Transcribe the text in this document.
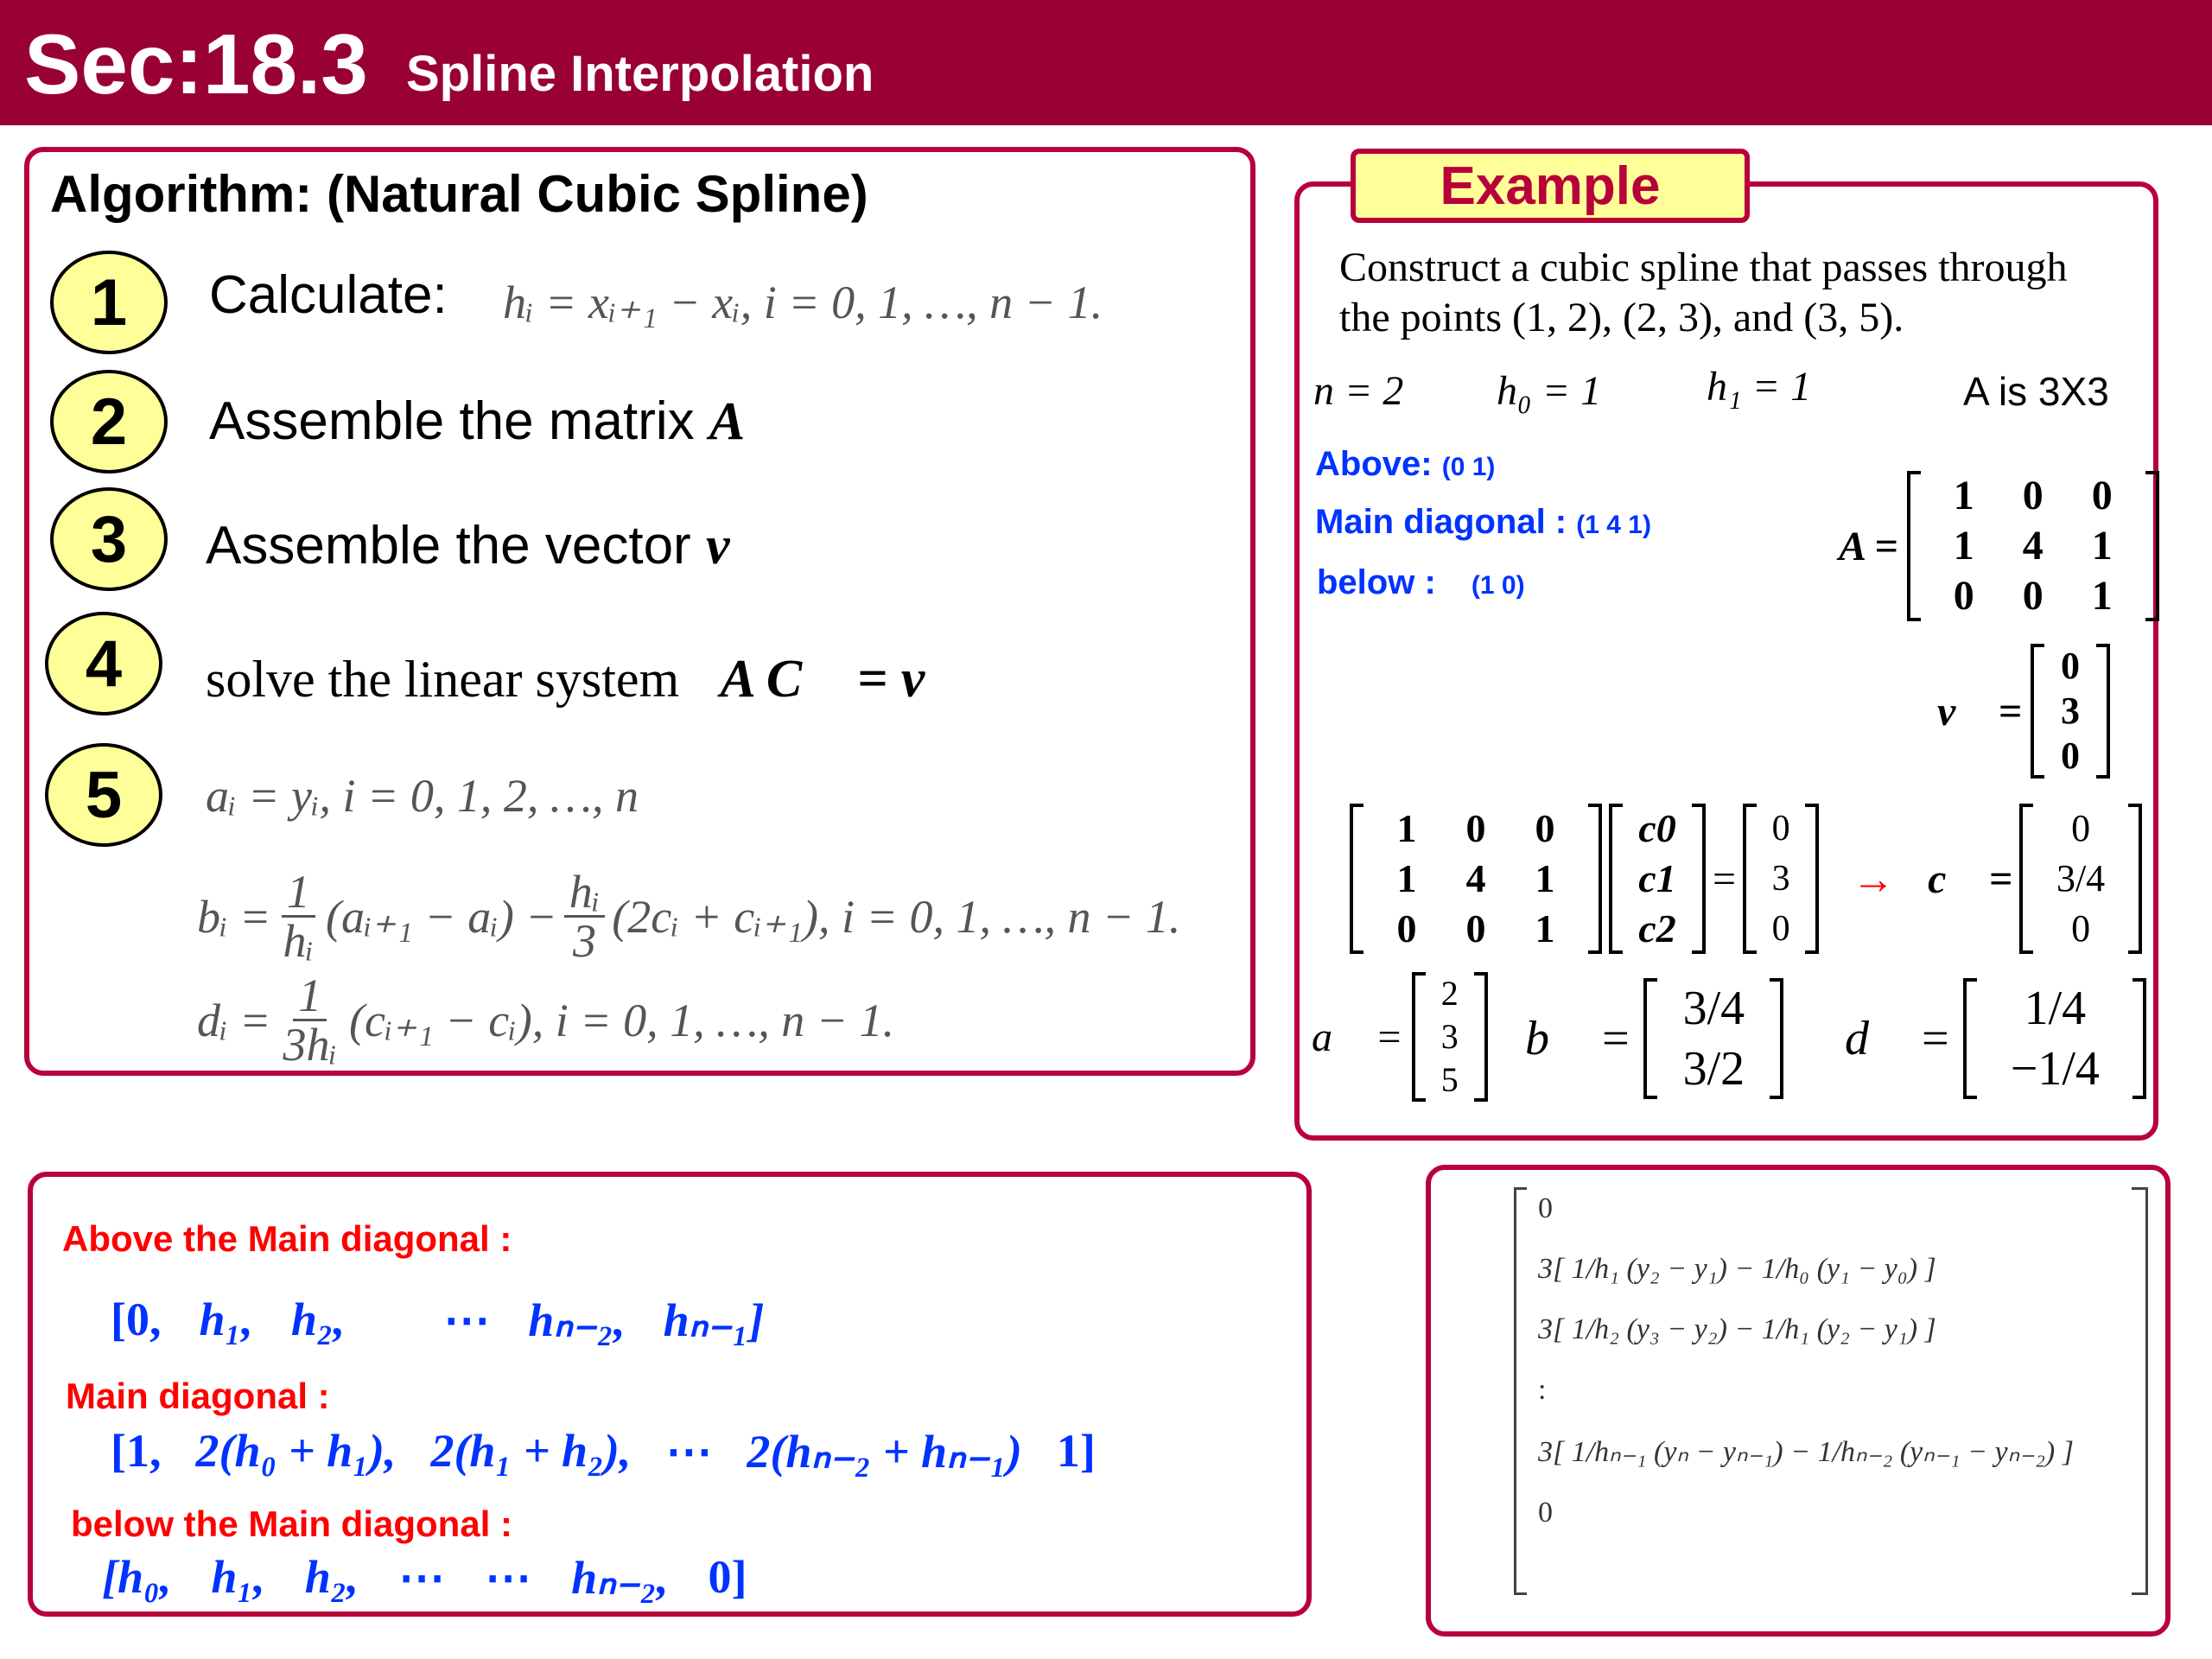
Sec:18.3 Spline Interpolation
Algorithm: (Natural Cubic Spline)
1	Calculate: hᵢ = xᵢ₊₁ − xᵢ, i = 0, 1, …, n − 1.
2	Assemble the matrix A
3	Assemble the vector v
4	solve the linear system A C⃗ = v⃗
5	aᵢ = yᵢ, i = 0, 1, 2, …, n
bᵢ = $\frac{1}{\text{hᵢ}}$ (aᵢ₊₁ − aᵢ) − $\frac{\text{hᵢ}}{3}$ (2cᵢ + cᵢ₊₁), i = 0, 1, …, n − 1.
dᵢ = $\frac{1}{\text{3hᵢ}}$ (cᵢ₊₁ − cᵢ), i = 0, 1, …, n − 1.
Example
Construct a cubic spline that passes through
the points (1, 2), (2, 3), and (3, 5).
n = 2 h₀ = 1	h₁ = 1	A is 3X3
Above: (0 1)
Main diagonal : (1 4 1)
below : (1 0)
A =
1	0	0
1	4	1
0	0	1
v⃗ =
0
3
0
1	0	0
1	4	1
0	0	1
c0
c1
c2
=
0
3
0
→ c⃗ =
0
3/4
0
a⃗ =
2
3
5
b⃗ =
3/4
3/2
d⃗ =
1/4
−1/4
Above the Main diagonal :
[0, h₁, h₂, ⋯ hₙ₋₂, hₙ₋₁]
Main diagonal :
[1, 2(h₀ + h₁), 2(h₁ + h₂), ⋯ 2(hₙ₋₂ + hₙ₋₁) 1]
below the Main diagonal :
[h₀, h₁, h₂, ⋯ ⋯ hₙ₋₂, 0]
0
3[ 1/h₁ (y₂ − y₁) − 1/h₀ (y₁ − y₀) ]
3[ 1/h₂ (y₃ − y₂) − 1/h₁ (y₂ − y₁) ]
:
3[ 1/hₙ₋₁ (yₙ − yₙ₋₁) − 1/hₙ₋₂ (yₙ₋₁ − yₙ₋₂) ]
0
